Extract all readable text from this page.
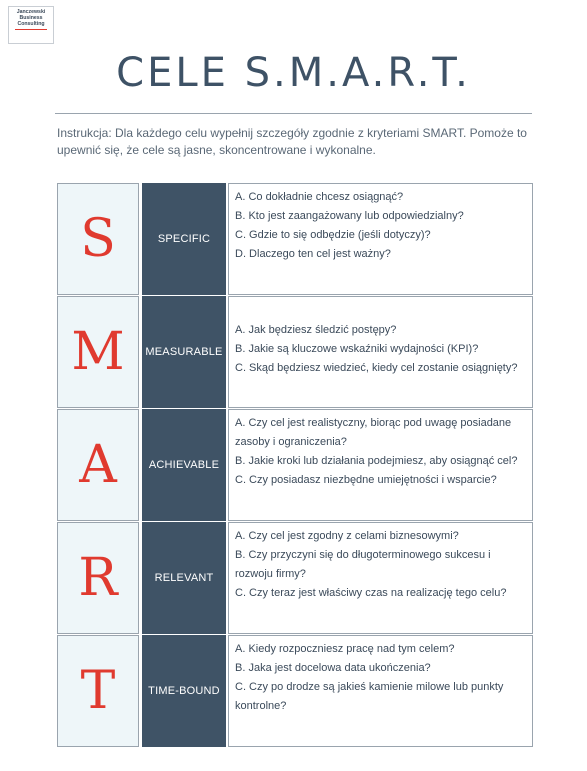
Janczewski
Business
Consulting
CELE S.M.A.R.T.

Instrukcja: Dla każdego celu wypełnij szczegóły zgodnie z kryteriami SMART. Pomoże to upewnić się, że cele są jasne, skoncentrowane i wykonalne.

S	SPECIFIC

A. Co dokładnie chcesz osiągnąć?

B. Kto jest zaangażowany lub odpowiedzialny?

C. Gdzie to się odbędzie (jeśli dotyczy)?

D. Dlaczego ten cel jest ważny?

M	MEASURABLE

A. Jak będziesz śledzić postępy?

B. Jakie są kluczowe wskaźniki wydajności (KPI)?

C. Skąd będziesz wiedzieć, kiedy cel zostanie osiągnięty?

A	ACHIEVABLE

A. Czy cel jest realistyczny, biorąc pod uwagę posiadane

zasoby i ograniczenia?

B. Jakie kroki lub działania podejmiesz, aby osiągnąć cel?

C. Czy posiadasz niezbędne umiejętności i wsparcie?

R	RELEVANT

A. Czy cel jest zgodny z celami biznesowymi?

B. Czy przyczyni się do długoterminowego sukcesu i

rozwoju firmy?

C. Czy teraz jest właściwy czas na realizację tego celu?

T	TIME-BOUND

A. Kiedy rozpoczniesz pracę nad tym celem?

B. Jaka jest docelowa data ukończenia?

C. Czy po drodze są jakieś kamienie milowe lub punkty

kontrolne?
